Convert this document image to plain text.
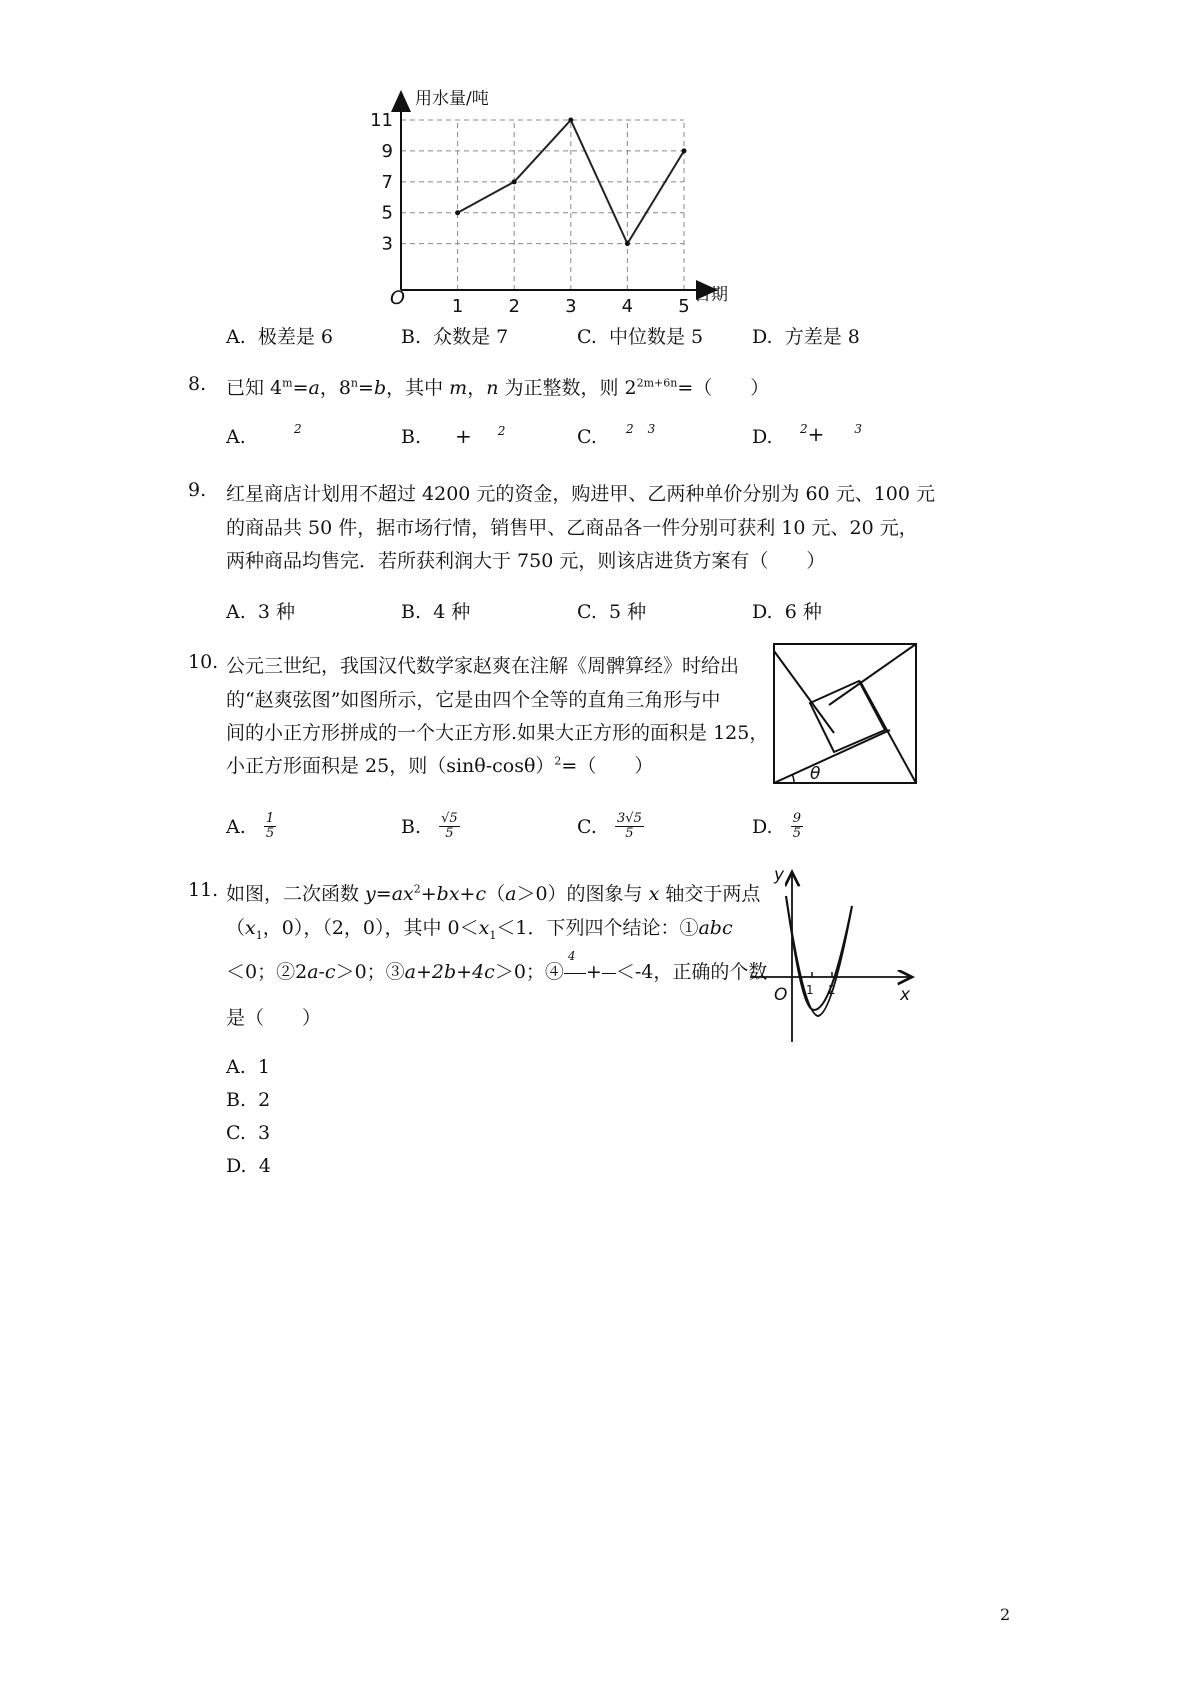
3
5
7
9
11
1	2	3	4	5
用水量/吨
日期
O
A. 极差是 6	B. 众数是 7	C. 中位数是 5	D. 方差是 8
8. 已知 $4^m=a$，$8^n=b$，其中 m，n 为正整数，则 $2^{2m+6n}=$（　　）
A.	2	B. + $^2$	C. 2 3	D. $^2$+	$^3$
9. 红星商店计划用不超过 4200 元的资金，购进甲、乙两种单价分别为 60 元、100 元
的商品共 50 件，据市场行情，销售甲、乙商品各一件分别可获利 10 元、20 元，
两种商品均售完．若所获利润大于 750 元，则该店进货方案有（　　）
A. 3 种	B. 4 种	C. 5 种	D. 6 种
10. 公元三世纪，我国汉代数学家赵爽在注解《周髀算经》时给出
的“赵爽弦图”如图所示，它是由四个全等的直角三角形与中
间的小正方形拼成的一个大正方形.如果大正方形的面积是 125，
小正方形面积是 25，则$(\sin\theta-\cos\theta)^2=$（　　）	θ
A. $\frac{1}{5}$	B. $\frac{√5}{5}$	C. $\frac{3√5}{5}$	D. $\frac{9}{5}$
11. 如图，二次函数 $y=ax^2+bx+c(a>0)$的图象与 x 轴交于两点
（$x_1$，0），（2，0），其中 $0<x_1<1$．下列四个结论：①abc
＜0；②2a-c＞0；③a+2b+4c＞0；④
4
+ ＜-4，正确的个数
是（　　）
y
x
O 1 2
A. 1
B. 2
C. 3
D. 4
2
